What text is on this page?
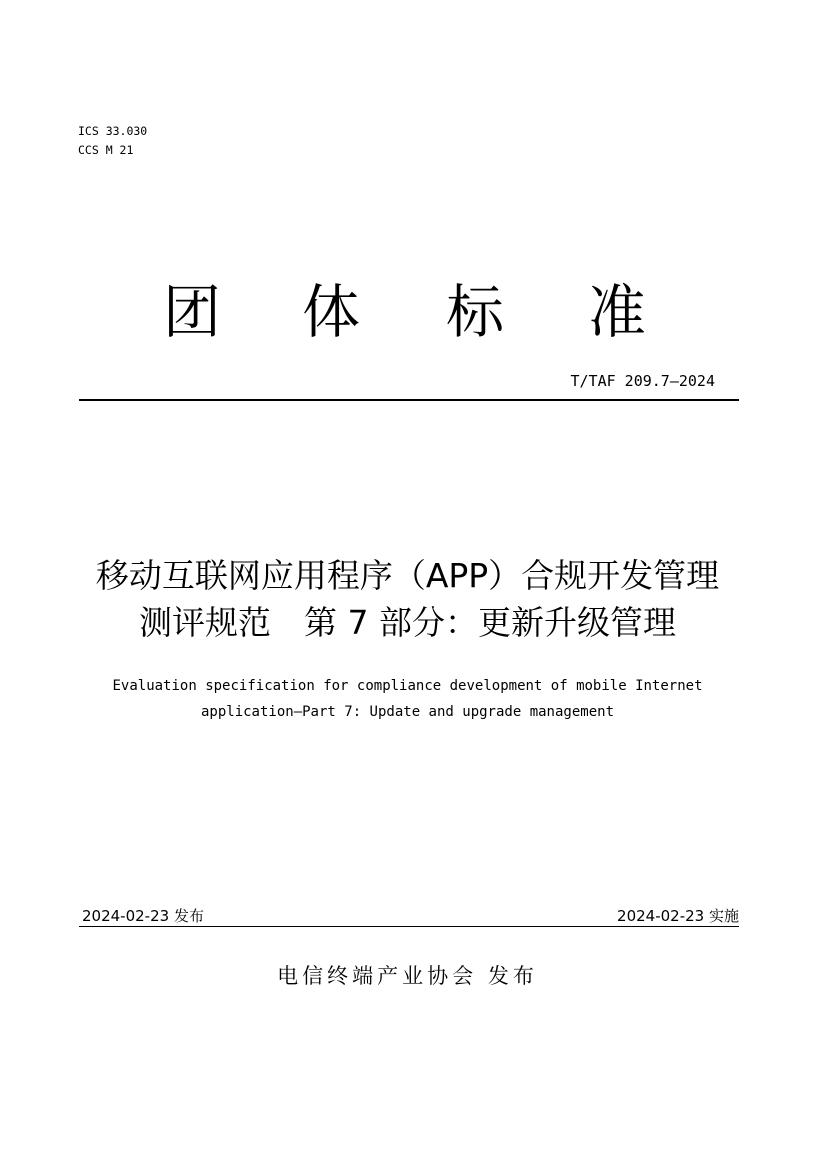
ICS 33.030
CCS M 21
团 体 标 准
T/TAF 209.7—2024
移动互联网应用程序（APP）合规开发管理
测评规范　第 7 部分：更新升级管理
Evaluation specification for compliance development of mobile Internet
application—Part 7: Update and upgrade management
2024-02-23 发布	2024-02-23 实施
电信终端产业协会 发布
